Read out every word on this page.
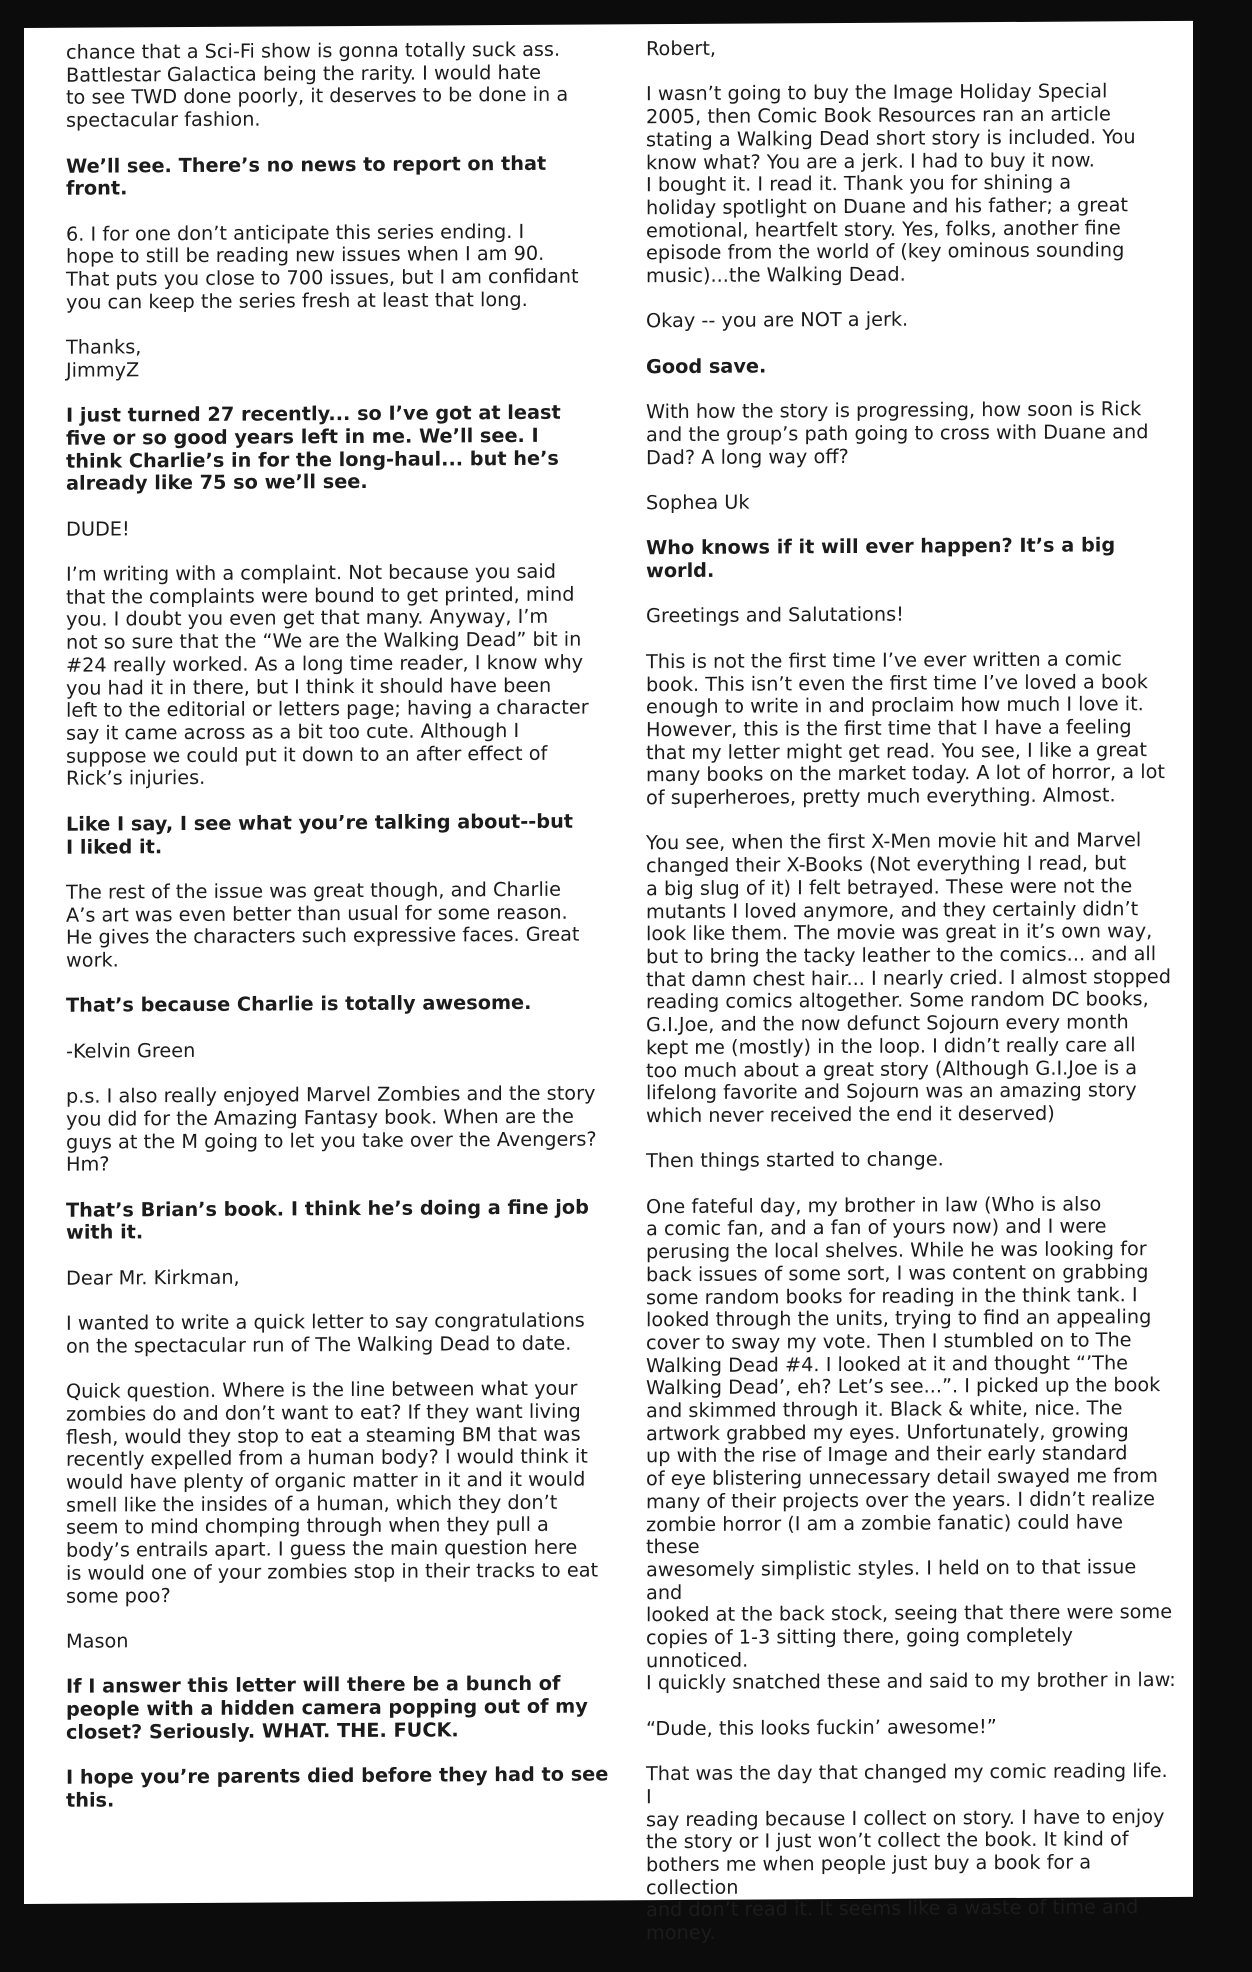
chance that a Sci-Fi show is gonna totally suck ass.
Battlestar Galactica being the rarity. I would hate
to see TWD done poorly, it deserves to be done in a
spectacular fashion.

We’ll see. There’s no news to report on that
front.

6. I for one don’t anticipate this series ending. I
hope to still be reading new issues when I am 90.
That puts you close to 700 issues, but I am confidant
you can keep the series fresh at least that long.

Thanks,
JimmyZ

I just turned 27 recently... so I’ve got at least
five or so good years left in me. We’ll see. I
think Charlie’s in for the long-haul... but he’s
already like 75 so we’ll see.

DUDE!

I’m writing with a complaint. Not because you said
that the complaints were bound to get printed, mind
you. I doubt you even get that many. Anyway, I’m
not so sure that the “We are the Walking Dead” bit in
#24 really worked. As a long time reader, I know why
you had it in there, but I think it should have been
left to the editorial or letters page; having a character
say it came across as a bit too cute. Although I
suppose we could put it down to an after effect of
Rick’s injuries.

Like I say, I see what you’re talking about--but
I liked it.

The rest of the issue was great though, and Charlie
A’s art was even better than usual for some reason.
He gives the characters such expressive faces. Great
work.

That’s because Charlie is totally awesome.

-Kelvin Green

p.s. I also really enjoyed Marvel Zombies and the story
you did for the Amazing Fantasy book. When are the
guys at the M going to let you take over the Avengers?
Hm?

That’s Brian’s book. I think he’s doing a fine job
with it.

Dear Mr. Kirkman,

I wanted to write a quick letter to say congratulations
on the spectacular run of The Walking Dead to date.

Quick question. Where is the line between what your
zombies do and don’t want to eat? If they want living
flesh, would they stop to eat a steaming BM that was
recently expelled from a human body? I would think it
would have plenty of organic matter in it and it would
smell like the insides of a human, which they don’t
seem to mind chomping through when they pull a
body’s entrails apart. I guess the main question here
is would one of your zombies stop in their tracks to eat
some poo?

Mason

If I answer this letter will there be a bunch of
people with a hidden camera popping out of my
closet? Seriously. WHAT. THE. FUCK.

I hope you’re parents died before they had to see
this.

Robert,

I wasn’t going to buy the Image Holiday Special
2005, then Comic Book Resources ran an article
stating a Walking Dead short story is included. You
know what? You are a jerk. I had to buy it now.
I bought it. I read it. Thank you for shining a
holiday spotlight on Duane and his father; a great
emotional, heartfelt story. Yes, folks, another fine
episode from the world of (key ominous sounding
music)...the Walking Dead.

Okay -- you are NOT a jerk.

Good save.

With how the story is progressing, how soon is Rick
and the group’s path going to cross with Duane and
Dad? A long way off?

Sophea Uk

Who knows if it will ever happen? It’s a big
world.

Greetings and Salutations!

This is not the first time I’ve ever written a comic
book. This isn’t even the first time I’ve loved a book
enough to write in and proclaim how much I love it.
However, this is the first time that I have a feeling
that my letter might get read. You see, I like a great
many books on the market today. A lot of horror, a lot
of superheroes, pretty much everything. Almost.

You see, when the first X-Men movie hit and Marvel
changed their X-Books (Not everything I read, but
a big slug of it) I felt betrayed. These were not the
mutants I loved anymore, and they certainly didn’t
look like them. The movie was great in it’s own way,
but to bring the tacky leather to the comics... and all
that damn chest hair... I nearly cried. I almost stopped
reading comics altogether. Some random DC books,
G.I.Joe, and the now defunct Sojourn every month
kept me (mostly) in the loop. I didn’t really care all
too much about a great story (Although G.I.Joe is a
lifelong favorite and Sojourn was an amazing story
which never received the end it deserved)

Then things started to change.

One fateful day, my brother in law (Who is also
a comic fan, and a fan of yours now) and I were
perusing the local shelves. While he was looking for
back issues of some sort, I was content on grabbing
some random books for reading in the think tank. I
looked through the units, trying to find an appealing
cover to sway my vote. Then I stumbled on to The
Walking Dead #4. I looked at it and thought “’The
Walking Dead’, eh? Let’s see...”. I picked up the book
and skimmed through it. Black & white, nice. The
artwork grabbed my eyes. Unfortunately, growing
up with the rise of Image and their early standard
of eye blistering unnecessary detail swayed me from
many of their projects over the years. I didn’t realize
zombie horror (I am a zombie fanatic) could have these
awesomely simplistic styles. I held on to that issue and
looked at the back stock, seeing that there were some
copies of 1-3 sitting there, going completely unnoticed.
I quickly snatched these and said to my brother in law:

“Dude, this looks fuckin’ awesome!”

That was the day that changed my comic reading life. I
say reading because I collect on story. I have to enjoy
the story or I just won’t collect the book. It kind of
bothers me when people just buy a book for a collection
and don’t read it. It seems like a waste of time and
money.
